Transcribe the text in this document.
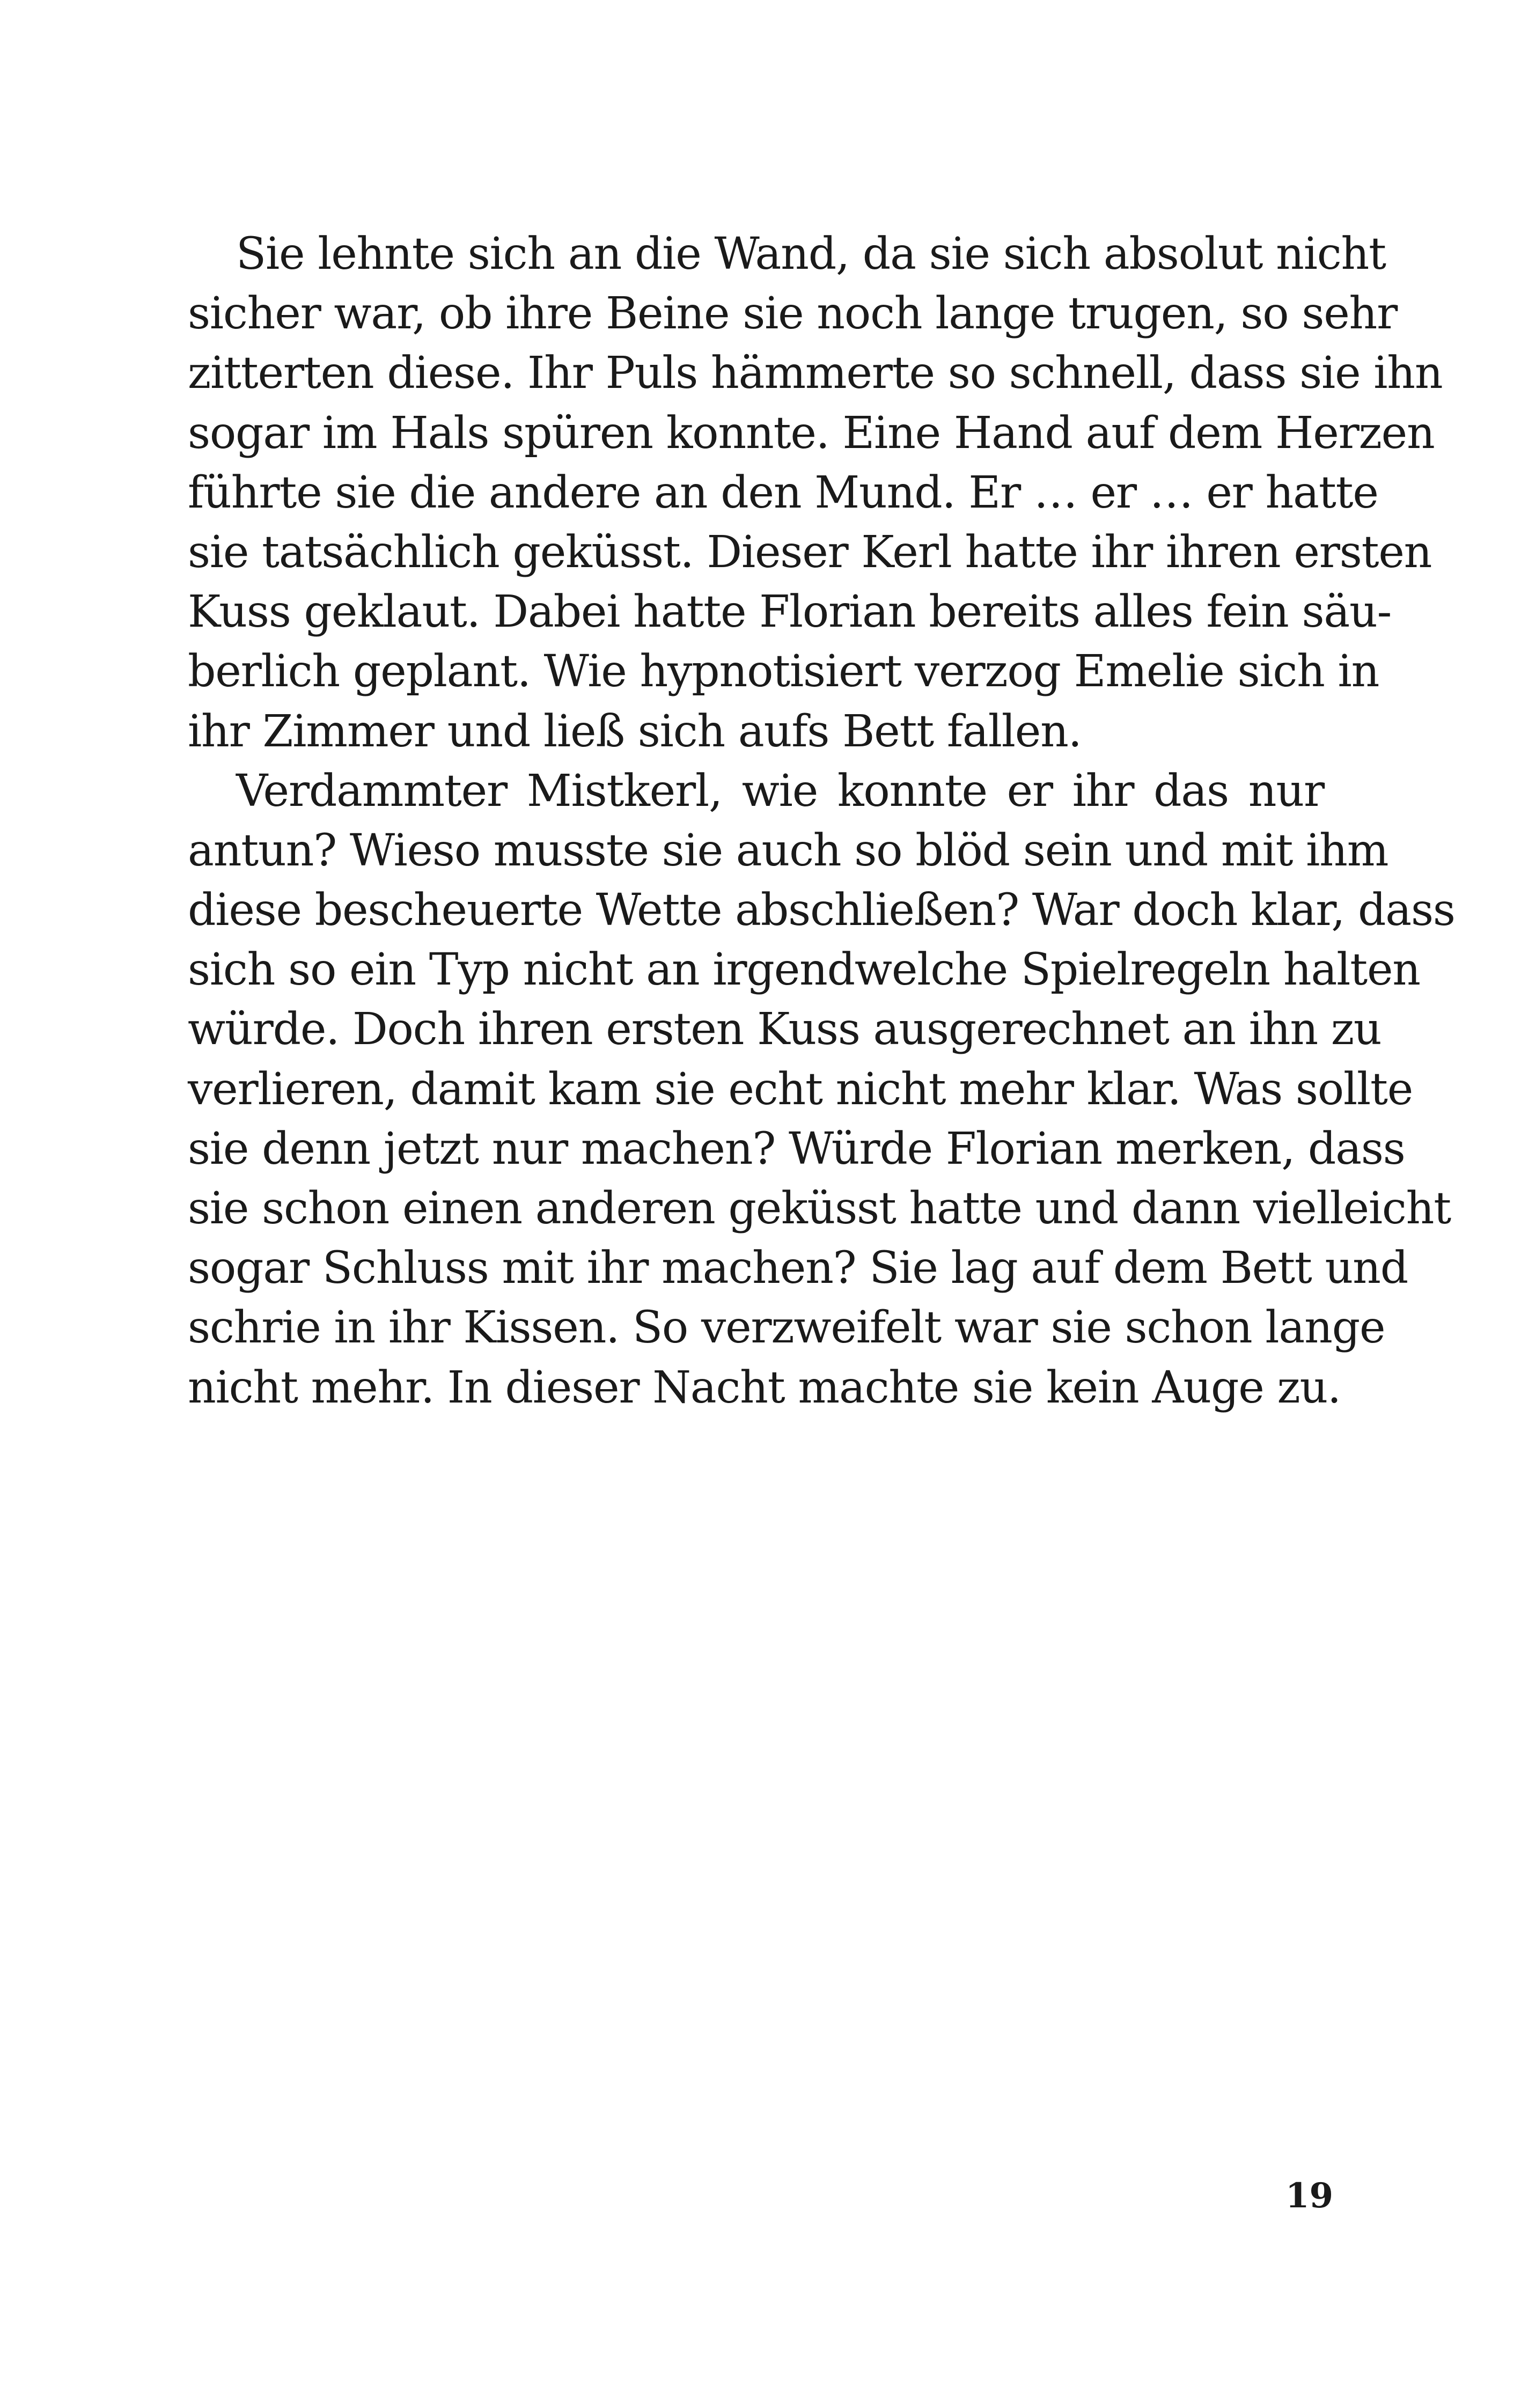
Sie lehnte sich an die Wand, da sie sich absolut nicht
sicher war, ob ihre Beine sie noch lange trugen, so sehr
zitterten diese. Ihr Puls hämmerte so schnell, dass sie ihn
sogar im Hals spüren konnte. Eine Hand auf dem Herzen
führte sie die andere an den Mund. Er … er … er hatte
sie tatsächlich geküsst. Dieser Kerl hatte ihr ihren ersten
Kuss geklaut. Dabei hatte Florian bereits alles fein säu-
berlich geplant. Wie hypnotisiert verzog Emelie sich in
ihr Zimmer und ließ sich aufs Bett fallen.
Verdammter Mistkerl, wie konnte er ihr das nur
antun? Wieso musste sie auch so blöd sein und mit ihm
diese bescheuerte Wette abschließen? War doch klar, dass
sich so ein Typ nicht an irgendwelche Spielregeln halten
würde. Doch ihren ersten Kuss ausgerechnet an ihn zu
verlieren, damit kam sie echt nicht mehr klar. Was sollte
sie denn jetzt nur machen? Würde Florian merken, dass
sie schon einen anderen geküsst hatte und dann vielleicht
sogar Schluss mit ihr machen? Sie lag auf dem Bett und
schrie in ihr Kissen. So verzweifelt war sie schon lange
nicht mehr. In dieser Nacht machte sie kein Auge zu.
19
